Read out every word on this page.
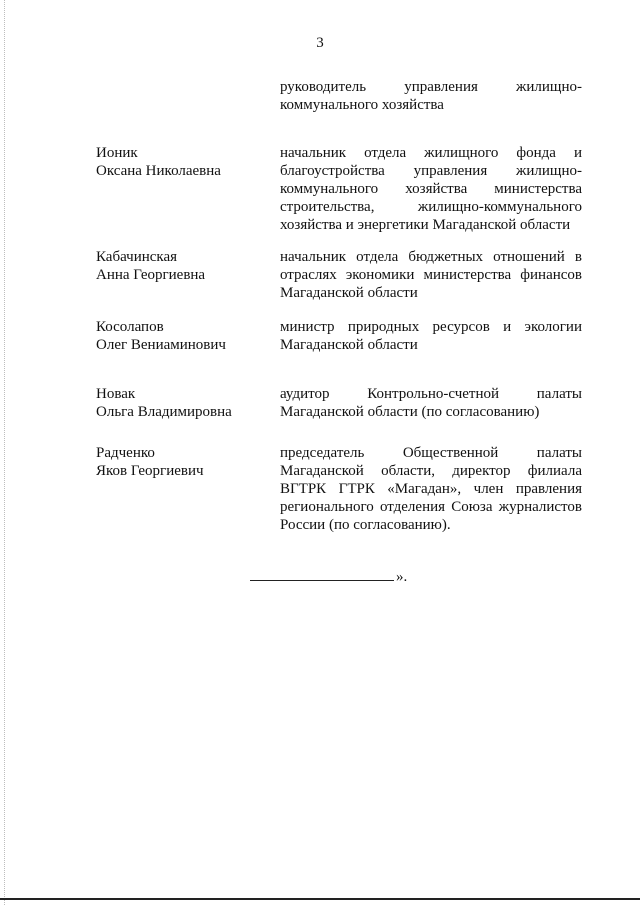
3
руководитель управления жилищно-
коммунального хозяйства
Ионик
Оксана Николаевна
начальник отдела жилищного фонда и
благоустройства управления жилищно-
коммунального хозяйства министерства
строительства, жилищно-коммунального
хозяйства и энергетики Магаданской области
Кабачинская
Анна Георгиевна
начальник отдела бюджетных отношений в
отраслях экономики министерства финансов
Магаданской области
Косолапов
Олег Вениаминович
министр природных ресурсов и экологии
Магаданской области
Новак
Ольга Владимировна
аудитор Контрольно-счетной палаты
Магаданской области (по согласованию)
Радченко
Яков Георгиевич
председатель Общественной палаты
Магаданской области, директор филиала
ВГТРК ГТРК «Магадан», член правления
регионального отделения Союза журналистов
России (по согласованию).
».
